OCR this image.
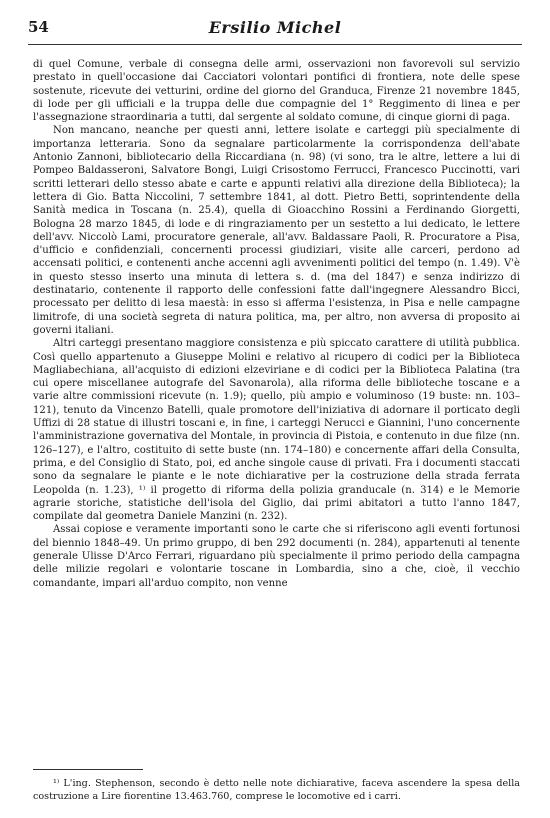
54	Ersilio Michel

di quel Comune, verbale di consegna delle armi, osservazioni non favorevoli sul servizio prestato in quell'occasione dai Cacciatori volontari pontifici di frontiera, note delle spese sostenute, ricevute dei vetturini, ordine del giorno del Granduca, Firenze 21 novembre 1845, di lode per gli ufficiali e la truppa delle due compagnie del 1° Reggimento di linea e per l'assegnazione straordinaria a tutti, dal sergente al soldato comune, di cinque giorni di paga.

Non mancano, neanche per questi anni, lettere isolate e carteggi più specialmente di importanza letteraria. Sono da segnalare particolarmente la corrispondenza dell'abate Antonio Zannoni, bibliotecario della Riccardiana (n. 98) (vi sono, tra le altre, lettere a lui di Pompeo Baldasseroni, Salvatore Bongi, Luigi Crisostomo Ferrucci, Francesco Puccinotti, vari scritti letterari dello stesso abate e carte e appunti relativi alla direzione della Biblioteca); la lettera di Gio. Batta Niccolini, 7 settembre 1841, al dott. Pietro Betti, soprintendente della Sanità medica in Toscana (n. 25.4), quella di Gioacchino Rossini a Ferdinando Giorgetti, Bologna 28 marzo 1845, di lode e di ringraziamento per un sestetto a lui dedicato, le lettere dell'avv. Niccolò Lami, procuratore generale, all'avv. Baldassare Paoli, R. Procuratore a Pisa, d'ufficio e confidenziali, concernenti processi giudiziari, visite alle carceri, perdono ad accensati politici, e contenenti anche accenni agli avvenimenti politici del tempo (n. 1.49). V'è in questo stesso inserto una minuta di lettera s. d. (ma del 1847) e senza indirizzo di destinatario, contenente il rapporto delle confessioni fatte dall'ingegnere Alessandro Bicci, processato per delitto di lesa maestà: in esso si afferma l'esistenza, in Pisa e nelle campagne limitrofe, di una società segreta di natura politica, ma, per altro, non avversa di proposito ai governi italiani.

Altri carteggi presentano maggiore consistenza e più spiccato carattere di utilità pubblica. Così quello appartenuto a Giuseppe Molini e relativo al ricupero di codici per la Biblioteca Magliabechiana, all'acquisto di edizioni elzeviriane e di codici per la Biblioteca Palatina (tra cui opere miscellanee autografe del Savonarola), alla riforma delle biblioteche toscane e a varie altre commissioni ricevute (n. 1.9); quello, più ampio e voluminoso (19 buste: nn. 103–121), tenuto da Vincenzo Batelli, quale promotore dell'iniziativa di adornare il porticato degli Uffizi di 28 statue di illustri toscani e, in fine, i carteggi Nerucci e Giannini, l'uno concernente l'amministrazione governativa del Montale, in provincia di Pistoia, e contenuto in due filze (nn. 126–127), e l'altro, costituito di sette buste (nn. 174–180) e concernente affari della Consulta, prima, e del Consiglio di Stato, poi, ed anche singole cause di privati. Fra i documenti staccati sono da segnalare le piante e le note dichiarative per la costruzione della strada ferrata Leopolda (n. 1.23), ¹⁾ il progetto di riforma della polizia granducale (n. 314) e le Memorie agrarie storiche, statistiche dell'isola del Giglio, dai primi abitatori a tutto l'anno 1847, compilate dal geometra Daniele Manzini (n. 232).

Assai copiose e veramente importanti sono le carte che si riferiscono agli eventi fortunosi del biennio 1848–49. Un primo gruppo, di ben 292 documenti (n. 284), appartenuti al tenente generale Ulisse D'Arco Ferrari, riguardano più specialmente il primo periodo della campagna delle milizie regolari e volontarie toscane in Lombardia, sino a che, cioè, il vecchio comandante, impari all'arduo compito, non venne

¹⁾ L'ing. Stephenson, secondo è detto nelle note dichiarative, faceva ascendere la spesa della costruzione a Lire fiorentine 13.463.760, comprese le locomotive ed i carri.
